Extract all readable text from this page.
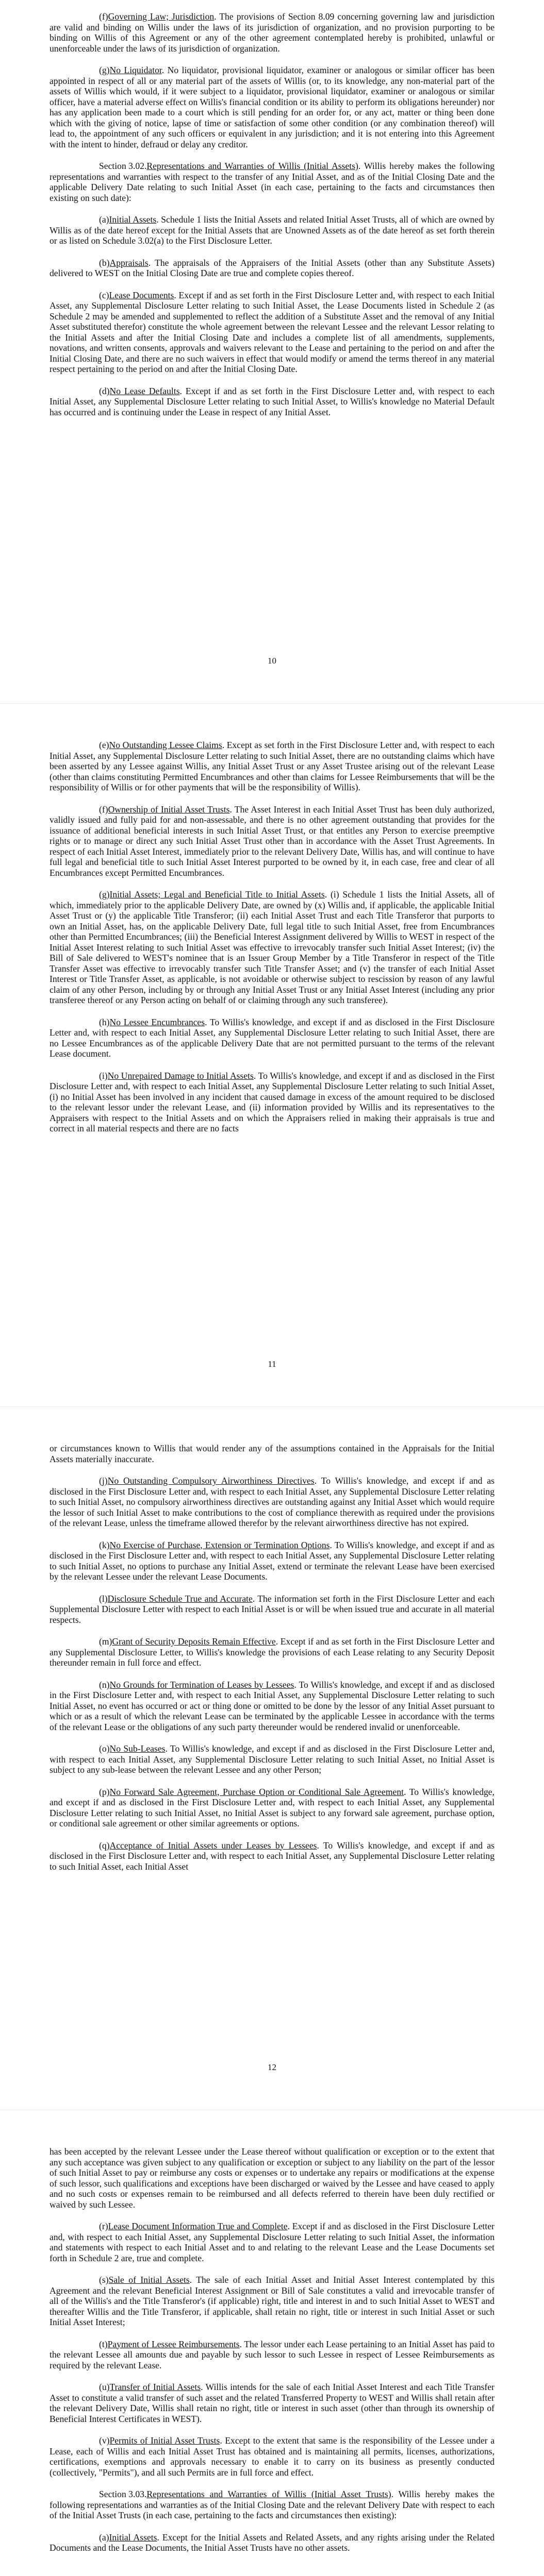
(f)Governing Law; Jurisdiction. The provisions of Section 8.09 concerning governing law and jurisdiction are valid and binding on Willis under the laws of its jurisdiction of organization, and no provision purporting to be binding on Willis of this Agreement or any of the other agreement contemplated hereby is prohibited, unlawful or unenforceable under the laws of its jurisdiction of organization.

(g)No Liquidator. No liquidator, provisional liquidator, examiner or analogous or similar officer has been appointed in respect of all or any material part of the assets of Willis (or, to its knowledge, any non-material part of the assets of Willis which would, if it were subject to a liquidator, provisional liquidator, examiner or analogous or similar officer, have a material adverse effect on Willis's financial condition or its ability to perform its obligations hereunder) nor has any application been made to a court which is still pending for an order for, or any act, matter or thing been done which with the giving of notice, lapse of time or satisfaction of some other condition (or any combination thereof) will lead to, the appointment of any such officers or equivalent in any jurisdiction; and it is not entering into this Agreement with the intent to hinder, defraud or delay any creditor.

Section 3.02.Representations and Warranties of Willis (Initial Assets). Willis hereby makes the following representations and warranties with respect to the transfer of any Initial Asset, and as of the Initial Closing Date and the applicable Delivery Date relating to such Initial Asset (in each case, pertaining to the facts and circumstances then existing on such date):

(a)Initial Assets. Schedule 1 lists the Initial Assets and related Initial Asset Trusts, all of which are owned by Willis as of the date hereof except for the Initial Assets that are Unowned Assets as of the date hereof as set forth therein or as listed on Schedule 3.02(a) to the First Disclosure Letter.

(b)Appraisals. The appraisals of the Appraisers of the Initial Assets (other than any Substitute Assets) delivered to WEST on the Initial Closing Date are true and complete copies thereof.

(c)Lease Documents. Except if and as set forth in the First Disclosure Letter and, with respect to each Initial Asset, any Supplemental Disclosure Letter relating to such Initial Asset, the Lease Documents listed in Schedule 2 (as Schedule 2 may be amended and supplemented to reflect the addition of a Substitute Asset and the removal of any Initial Asset substituted therefor) constitute the whole agreement between the relevant Lessee and the relevant Lessor relating to the Initial Assets and after the Initial Closing Date and includes a complete list of all amendments, supplements, novations, and written consents, approvals and waivers relevant to the Lease and pertaining to the period on and after the Initial Closing Date, and there are no such waivers in effect that would modify or amend the terms thereof in any material respect pertaining to the period on and after the Initial Closing Date.

(d)No Lease Defaults. Except if and as set forth in the First Disclosure Letter and, with respect to each Initial Asset, any Supplemental Disclosure Letter relating to such Initial Asset, to Willis's knowledge no Material Default has occurred and is continuing under the Lease in respect of any Initial Asset.

10

(e)No Outstanding Lessee Claims. Except as set forth in the First Disclosure Letter and, with respect to each Initial Asset, any Supplemental Disclosure Letter relating to such Initial Asset, there are no outstanding claims which have been asserted by any Lessee against Willis, any Initial Asset Trust or any Asset Trustee arising out of the relevant Lease (other than claims constituting Permitted Encumbrances and other than claims for Lessee Reimbursements that will be the responsibility of Willis or for other payments that will be the responsibility of Willis).

(f)Ownership of Initial Asset Trusts. The Asset Interest in each Initial Asset Trust has been duly authorized, validly issued and fully paid for and non-assessable, and there is no other agreement outstanding that provides for the issuance of additional beneficial interests in such Initial Asset Trust, or that entitles any Person to exercise preemptive rights or to manage or direct any such Initial Asset Trust other than in accordance with the Asset Trust Agreements. In respect of each Initial Asset Interest, immediately prior to the relevant Delivery Date, Willis has, and will continue to have full legal and beneficial title to such Initial Asset Interest purported to be owned by it, in each case, free and clear of all Encumbrances except Permitted Encumbrances.

(g)Initial Assets; Legal and Beneficial Title to Initial Assets. (i) Schedule 1 lists the Initial Assets, all of which, immediately prior to the applicable Delivery Date, are owned by (x) Willis and, if applicable, the applicable Initial Asset Trust or (y) the applicable Title Transferor; (ii) each Initial Asset Trust and each Title Transferor that purports to own an Initial Asset, has, on the applicable Delivery Date, full legal title to such Initial Asset, free from Encumbrances other than Permitted Encumbrances; (iii) the Beneficial Interest Assignment delivered by Willis to WEST in respect of the Initial Asset Interest relating to such Initial Asset was effective to irrevocably transfer such Initial Asset Interest; (iv) the Bill of Sale delivered to WEST's nominee that is an Issuer Group Member by a Title Transferor in respect of the Title Transfer Asset was effective to irrevocably transfer such Title Transfer Asset; and (v) the transfer of each Initial Asset Interest or Title Transfer Asset, as applicable, is not avoidable or otherwise subject to rescission by reason of any lawful claim of any other Person, including by or through any Initial Asset Trust or any Initial Asset Interest (including any prior transferee thereof or any Person acting on behalf of or claiming through any such transferee).

(h)No Lessee Encumbrances. To Willis's knowledge, and except if and as disclosed in the First Disclosure Letter and, with respect to each Initial Asset, any Supplemental Disclosure Letter relating to such Initial Asset, there are no Lessee Encumbrances as of the applicable Delivery Date that are not permitted pursuant to the terms of the relevant Lease document.

(i)No Unrepaired Damage to Initial Assets. To Willis's knowledge, and except if and as disclosed in the First Disclosure Letter and, with respect to each Initial Asset, any Supplemental Disclosure Letter relating to such Initial Asset, (i) no Initial Asset has been involved in any incident that caused damage in excess of the amount required to be disclosed to the relevant lessor under the relevant Lease, and (ii) information provided by Willis and its representatives to the Appraisers with respect to the Initial Assets and on which the Appraisers relied in making their appraisals is true and correct in all material respects and there are no facts

11

or circumstances known to Willis that would render any of the assumptions contained in the Appraisals for the Initial Assets materially inaccurate.

(j)No Outstanding Compulsory Airworthiness Directives. To Willis's knowledge, and except if and as disclosed in the First Disclosure Letter and, with respect to each Initial Asset, any Supplemental Disclosure Letter relating to such Initial Asset, no compulsory airworthiness directives are outstanding against any Initial Asset which would require the lessor of such Initial Asset to make contributions to the cost of compliance therewith as required under the provisions of the relevant Lease, unless the timeframe allowed therefor by the relevant airworthiness directive has not expired.

(k)No Exercise of Purchase, Extension or Termination Options. To Willis's knowledge, and except if and as disclosed in the First Disclosure Letter and, with respect to each Initial Asset, any Supplemental Disclosure Letter relating to such Initial Asset, no options to purchase any Initial Asset, extend or terminate the relevant Lease have been exercised by the relevant Lessee under the relevant Lease Documents.

(l)Disclosure Schedule True and Accurate. The information set forth in the First Disclosure Letter and each Supplemental Disclosure Letter with respect to each Initial Asset is or will be when issued true and accurate in all material respects.

(m)Grant of Security Deposits Remain Effective. Except if and as set forth in the First Disclosure Letter and any Supplemental Disclosure Letter, to Willis's knowledge the provisions of each Lease relating to any Security Deposit thereunder remain in full force and effect.

(n)No Grounds for Termination of Leases by Lessees. To Willis's knowledge, and except if and as disclosed in the First Disclosure Letter and, with respect to each Initial Asset, any Supplemental Disclosure Letter relating to such Initial Asset, no event has occurred or act or thing done or omitted to be done by the lessor of any Initial Asset pursuant to which or as a result of which the relevant Lease can be terminated by the applicable Lessee in accordance with the terms of the relevant Lease or the obligations of any such party thereunder would be rendered invalid or unenforceable.

(o)No Sub-Leases. To Willis's knowledge, and except if and as disclosed in the First Disclosure Letter and, with respect to each Initial Asset, any Supplemental Disclosure Letter relating to such Initial Asset, no Initial Asset is subject to any sub-lease between the relevant Lessee and any other Person;

(p)No Forward Sale Agreement, Purchase Option or Conditional Sale Agreement. To Willis's knowledge, and except if and as disclosed in the First Disclosure Letter and, with respect to each Initial Asset, any Supplemental Disclosure Letter relating to such Initial Asset, no Initial Asset is subject to any forward sale agreement, purchase option, or conditional sale agreement or other similar agreements or options.

(q)Acceptance of Initial Assets under Leases by Lessees. To Willis's knowledge, and except if and as disclosed in the First Disclosure Letter and, with respect to each Initial Asset, any Supplemental Disclosure Letter relating to such Initial Asset, each Initial Asset

12

has been accepted by the relevant Lessee under the Lease thereof without qualification or exception or to the extent that any such acceptance was given subject to any qualification or exception or subject to any liability on the part of the lessor of such Initial Asset to pay or reimburse any costs or expenses or to undertake any repairs or modifications at the expense of such lessor, such qualifications and exceptions have been discharged or waived by the Lessee and have ceased to apply and no such costs or expenses remain to be reimbursed and all defects referred to therein have been duly rectified or waived by such Lessee.

(r)Lease Document Information True and Complete. Except if and as disclosed in the First Disclosure Letter and, with respect to each Initial Asset, any Supplemental Disclosure Letter relating to such Initial Asset, the information and statements with respect to each Initial Asset and to and relating to the relevant Lease and the Lease Documents set forth in Schedule 2 are, true and complete.

(s)Sale of Initial Assets. The sale of each Initial Asset and Initial Asset Interest contemplated by this Agreement and the relevant Beneficial Interest Assignment or Bill of Sale constitutes a valid and irrevocable transfer of all of the Willis's and the Title Transferor's (if applicable) right, title and interest in and to such Initial Asset to WEST and thereafter Willis and the Title Transferor, if applicable, shall retain no right, title or interest in such Initial Asset or such Initial Asset Interest;

(t)Payment of Lessee Reimbursements. The lessor under each Lease pertaining to an Initial Asset has paid to the relevant Lessee all amounts due and payable by such lessor to such Lessee in respect of Lessee Reimbursements as required by the relevant Lease.

(u)Transfer of Initial Assets. Willis intends for the sale of each Initial Asset Interest and each Title Transfer Asset to constitute a valid transfer of such asset and the related Transferred Property to WEST and Willis shall retain after the relevant Delivery Date, Willis shall retain no right, title or interest in such asset (other than through its ownership of Beneficial Interest Certificates in WEST).

(v)Permits of Initial Asset Trusts. Except to the extent that same is the responsibility of the Lessee under a Lease, each of Willis and each Initial Asset Trust has obtained and is maintaining all permits, licenses, authorizations, certifications, exemptions and approvals necessary to enable it to carry on its business as presently conducted (collectively, "Permits"), and all such Permits are in full force and effect.

Section 3.03.Representations and Warranties of Willis (Initial Asset Trusts). Willis hereby makes the following representations and warranties as of the Initial Closing Date and the relevant Delivery Date with respect to each of the Initial Asset Trusts (in each case, pertaining to the facts and circumstances then existing):

(a)Initial Assets. Except for the Initial Assets and Related Assets, and any rights arising under the Related Documents and the Lease Documents, the Initial Asset Trusts have no other assets.
